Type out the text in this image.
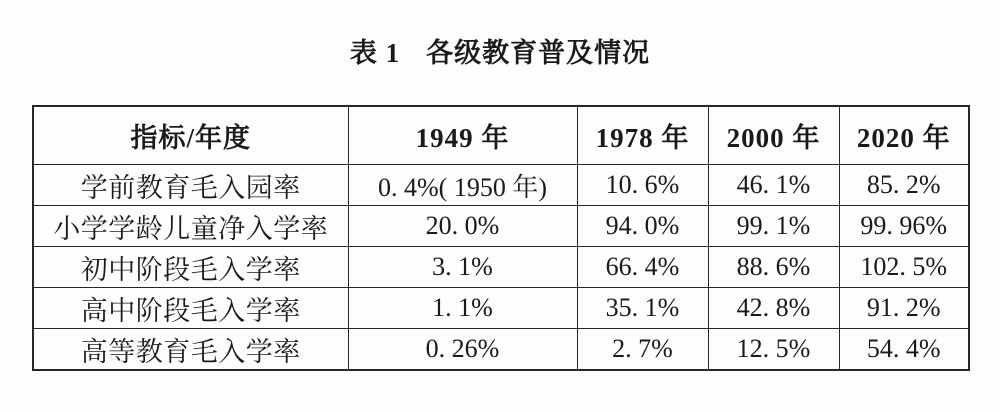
表 1 各级教育普及情况
指标/年度	1949 年	1978 年	2000 年	2020 年
学前教育毛入园率	0. 4%( 1950 年)	10. 6%	46. 1%	85. 2%
小学学龄儿童净入学率	20. 0%	94. 0%	99. 1%	99. 96%
初中阶段毛入学率	3. 1%	66. 4%	88. 6%	102. 5%
高中阶段毛入学率	1. 1%	35. 1%	42. 8%	91. 2%
高等教育毛入学率	0. 26%	2. 7%	12. 5%	54. 4%
